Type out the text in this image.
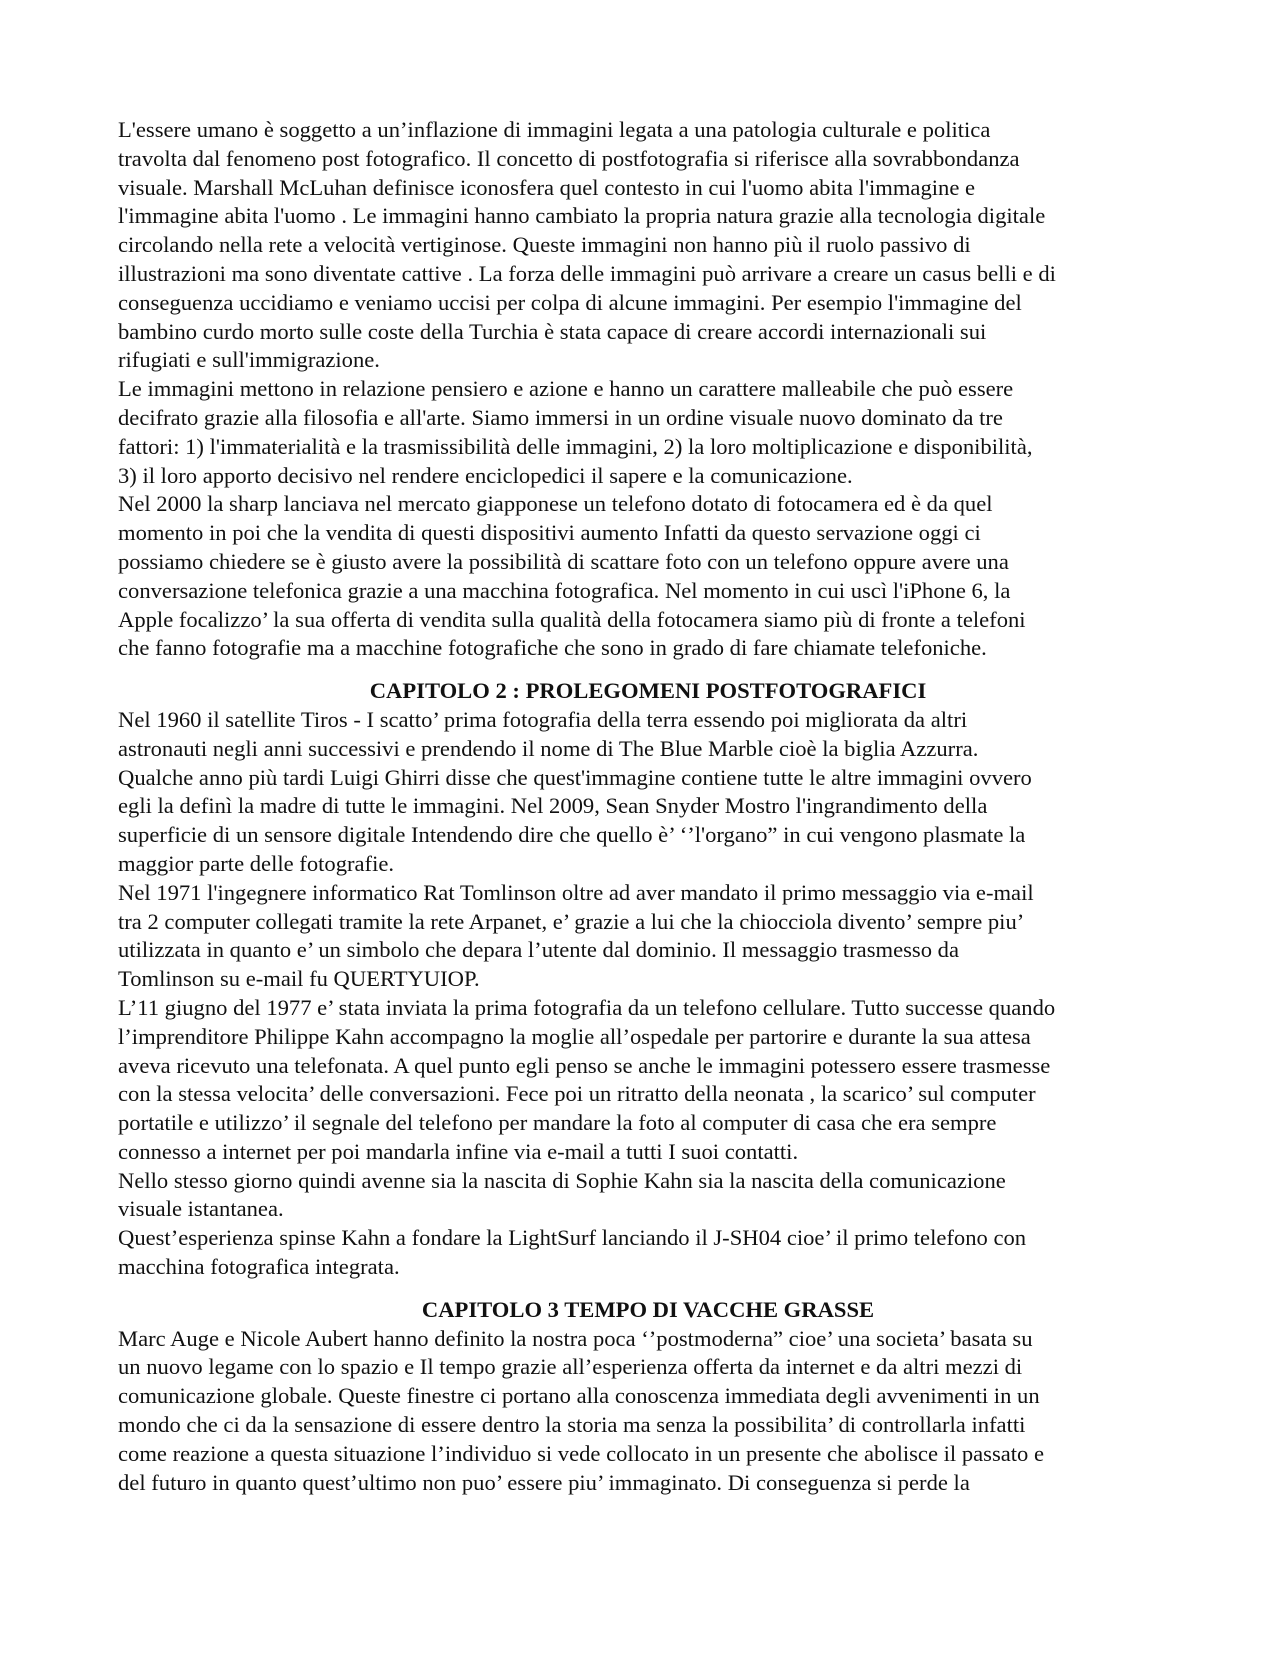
L'essere umano è soggetto a un’inflazione di immagini legata a una patologia culturale e politica
travolta dal fenomeno post fotografico. Il concetto di postfotografia si riferisce alla sovrabbondanza
visuale. Marshall McLuhan definisce iconosfera quel contesto in cui l'uomo abita l'immagine e
l'immagine abita l'uomo . Le immagini hanno cambiato la propria natura grazie alla tecnologia digitale
circolando nella rete a velocità vertiginose. Queste immagini non hanno più il ruolo passivo di
illustrazioni ma sono diventate cattive . La forza delle immagini può arrivare a creare un casus belli e di
conseguenza uccidiamo e veniamo uccisi per colpa di alcune immagini. Per esempio l'immagine del
bambino curdo morto sulle coste della Turchia è stata capace di creare accordi internazionali sui
rifugiati e sull'immigrazione.
Le immagini mettono in relazione pensiero e azione e hanno un carattere malleabile che può essere
decifrato grazie alla filosofia e all'arte. Siamo immersi in un ordine visuale nuovo dominato da tre
fattori: 1) l'immaterialità e la trasmissibilità delle immagini, 2) la loro moltiplicazione e disponibilità,
3) il loro apporto decisivo nel rendere enciclopedici il sapere e la comunicazione.
Nel 2000 la sharp lanciava nel mercato giapponese un telefono dotato di fotocamera ed è da quel
momento in poi che la vendita di questi dispositivi aumento Infatti da questo servazione oggi ci
possiamo chiedere se è giusto avere la possibilità di scattare foto con un telefono oppure avere una
conversazione telefonica grazie a una macchina fotografica. Nel momento in cui uscì l'iPhone 6, la
Apple focalizzo’ la sua offerta di vendita sulla qualità della fotocamera siamo più di fronte a telefoni
che fanno fotografie ma a macchine fotografiche che sono in grado di fare chiamate telefoniche.
CAPITOLO 2 : PROLEGOMENI POSTFOTOGRAFICI
Nel 1960 il satellite Tiros - I scatto’ prima fotografia della terra essendo poi migliorata da altri
astronauti negli anni successivi e prendendo il nome di The Blue Marble cioè la biglia Azzurra.
Qualche anno più tardi Luigi Ghirri disse che quest'immagine contiene tutte le altre immagini ovvero
egli la definì la madre di tutte le immagini. Nel 2009, Sean Snyder Mostro l'ingrandimento della
superficie di un sensore digitale Intendendo dire che quello è’ ‘’l'organo” in cui vengono plasmate la
maggior parte delle fotografie.
Nel 1971 l'ingegnere informatico Rat Tomlinson oltre ad aver mandato il primo messaggio via e-mail
tra 2 computer collegati tramite la rete Arpanet, e’ grazie a lui che la chiocciola divento’ sempre piu’
utilizzata in quanto e’ un simbolo che depara l’utente dal dominio. Il messaggio trasmesso da
Tomlinson su e-mail fu QUERTYUIOP.
L’11 giugno del 1977 e’ stata inviata la prima fotografia da un telefono cellulare. Tutto successe quando
l’imprenditore Philippe Kahn accompagno la moglie all’ospedale per partorire e durante la sua attesa
aveva ricevuto una telefonata. A quel punto egli penso se anche le immagini potessero essere trasmesse
con la stessa velocita’ delle conversazioni. Fece poi un ritratto della neonata , la scarico’ sul computer
portatile e utilizzo’ il segnale del telefono per mandare la foto al computer di casa che era sempre
connesso a internet per poi mandarla infine via e-mail a tutti I suoi contatti.
Nello stesso giorno quindi avenne sia la nascita di Sophie Kahn sia la nascita della comunicazione
visuale istantanea.
Quest’esperienza spinse Kahn a fondare la LightSurf lanciando il J-SH04 cioe’ il primo telefono con
macchina fotografica integrata.
CAPITOLO 3 TEMPO DI VACCHE GRASSE
Marc Auge e Nicole Aubert hanno definito la nostra poca ‘’postmoderna” cioe’ una societa’ basata su
un nuovo legame con lo spazio e Il tempo grazie all’esperienza offerta da internet e da altri mezzi di
comunicazione globale. Queste finestre ci portano alla conoscenza immediata degli avvenimenti in un
mondo che ci da la sensazione di essere dentro la storia ma senza la possibilita’ di controllarla infatti
come reazione a questa situazione l’individuo si vede collocato in un presente che abolisce il passato e
del futuro in quanto quest’ultimo non puo’ essere piu’ immaginato. Di conseguenza si perde la
